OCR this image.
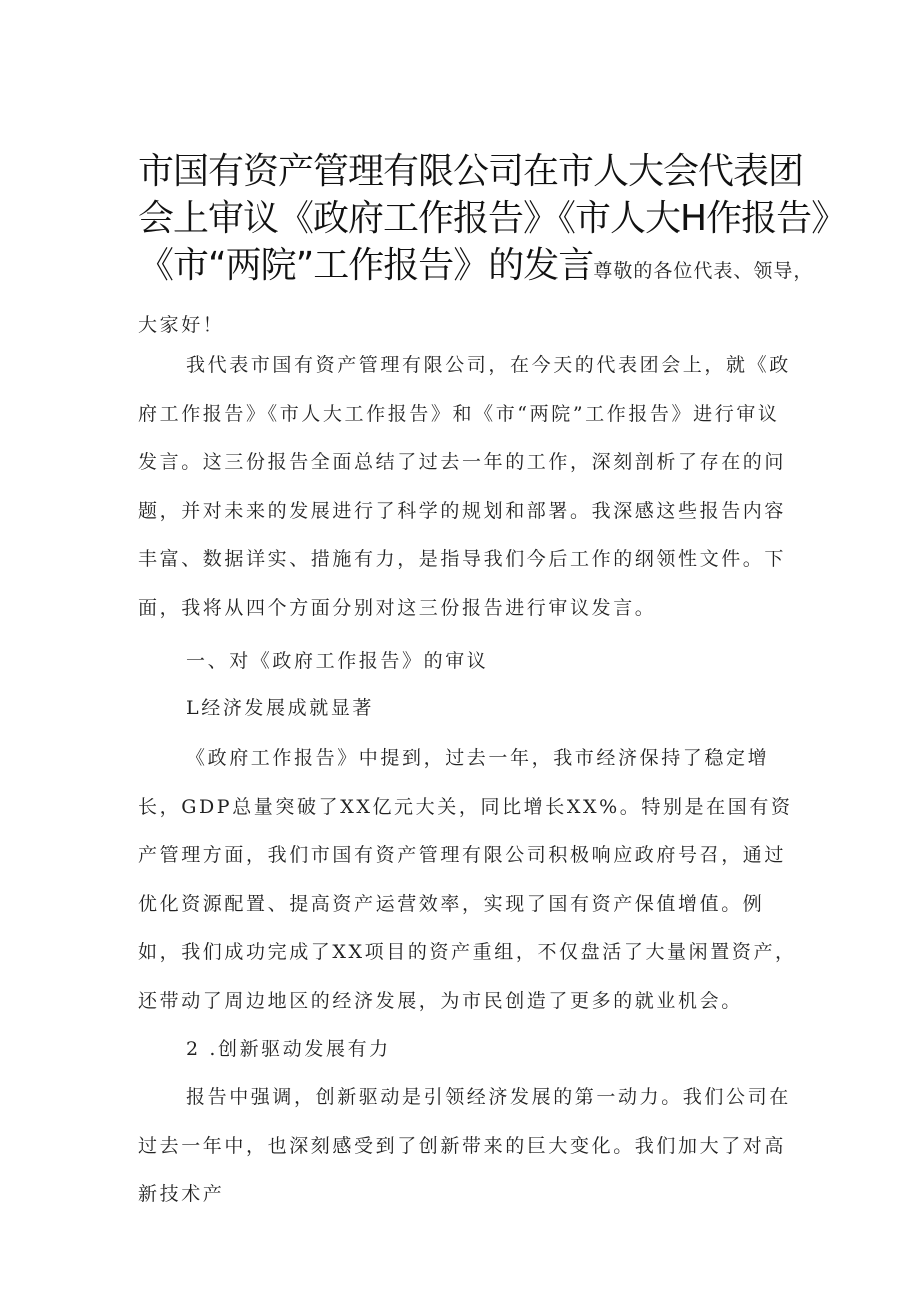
市国有资产管理有限公司在市人大会代表团
会上审议《政府工作报告》《市人大H作报告》
《市“两院”工作报告》的发言尊敬的各位代表、领导，
大家好！
我代表市国有资产管理有限公司，在今天的代表团会上，就《政府工作报告》《市人大工作报告》和《市“两院”工作报告》进行审议发言。这三份报告全面总结了过去一年的工作，深刻剖析了存在的问题，并对未来的发展进行了科学的规划和部署。我深感这些报告内容丰富、数据详实、措施有力，是指导我们今后工作的纲领性文件。下面，我将从四个方面分别对这三份报告进行审议发言。
一、对《政府工作报告》的审议
L经济发展成就显著
《政府工作报告》中提到，过去一年，我市经济保持了稳定增长，GDP总量突破了XX亿元大关，同比增长XX%。特别是在国有资产管理方面，我们市国有资产管理有限公司积极响应政府号召，通过优化资源配置、提高资产运营效率，实现了国有资产保值增值。例如，我们成功完成了XX项目的资产重组，不仅盘活了大量闲置资产，还带动了周边地区的经济发展，为市民创造了更多的就业机会。
2 .创新驱动发展有力
报告中强调，创新驱动是引领经济发展的第一动力。我们公司在过去一年中，也深刻感受到了创新带来的巨大变化。我们加大了对高新技术产
